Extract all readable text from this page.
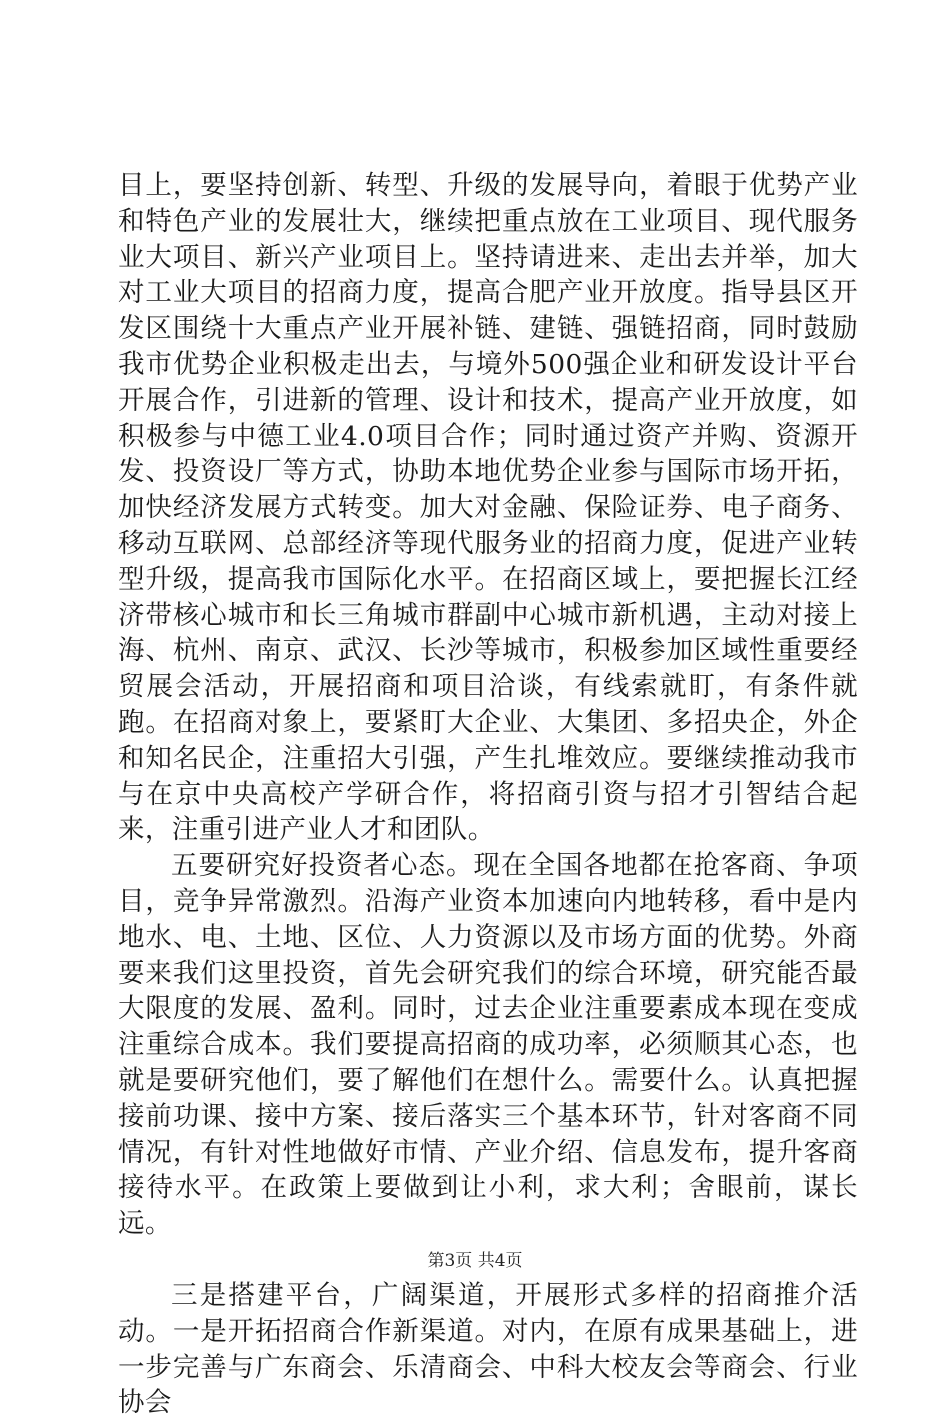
目上，要坚持创新、转型、升级的发展导向，着眼于优势产业和特色产业的发展壮大，继续把重点放在工业项目、现代服务业大项目、新兴产业项目上。坚持请进来、走出去并举，加大对工业大项目的招商力度，提高合肥产业开放度。指导县区开发区围绕十大重点产业开展补链、建链、强链招商，同时鼓励我市优势企业积极走出去，与境外500强企业和研发设计平台开展合作，引进新的管理、设计和技术，提高产业开放度，如积极参与中德工业4.0项目合作；同时通过资产并购、资源开发、投资设厂等方式，协助本地优势企业参与国际市场开拓，加快经济发展方式转变。加大对金融、保险证券、电子商务、移动互联网、总部经济等现代服务业的招商力度，促进产业转型升级，提高我市国际化水平。在招商区域上，要把握长江经济带核心城市和长三角城市群副中心城市新机遇，主动对接上海、杭州、南京、武汉、长沙等城市，积极参加区域性重要经贸展会活动，开展招商和项目洽谈，有线索就盯，有条件就跑。在招商对象上，要紧盯大企业、大集团、多招央企，外企和知名民企，注重招大引强，产生扎堆效应。要继续推动我市与在京中央高校产学研合作，将招商引资与招才引智结合起来，注重引进产业人才和团队。

五要研究好投资者心态。现在全国各地都在抢客商、争项目，竞争异常激烈。沿海产业资本加速向内地转移，看中是内地水、电、土地、区位、人力资源以及市场方面的优势。外商要来我们这里投资，首先会研究我们的综合环境，研究能否最大限度的发展、盈利。同时，过去企业注重要素成本现在变成注重综合成本。我们要提高招商的成功率，必须顺其心态，也就是要研究他们，要了解他们在想什么。需要什么。认真把握接前功课、接中方案、接后落实三个基本环节，针对客商不同情况，有针对性地做好市情、产业介绍、信息发布，提升客商接待水平。在政策上要做到让小利，求大利；舍眼前，谋长远。

三是搭建平台，广阔渠道，开展形式多样的招商推介活动。一是开拓招商合作新渠道。对内，在原有成果基础上，进一步完善与广东商会、乐清商会、中科大校友会等商会、行业协会

第3页 共4页
